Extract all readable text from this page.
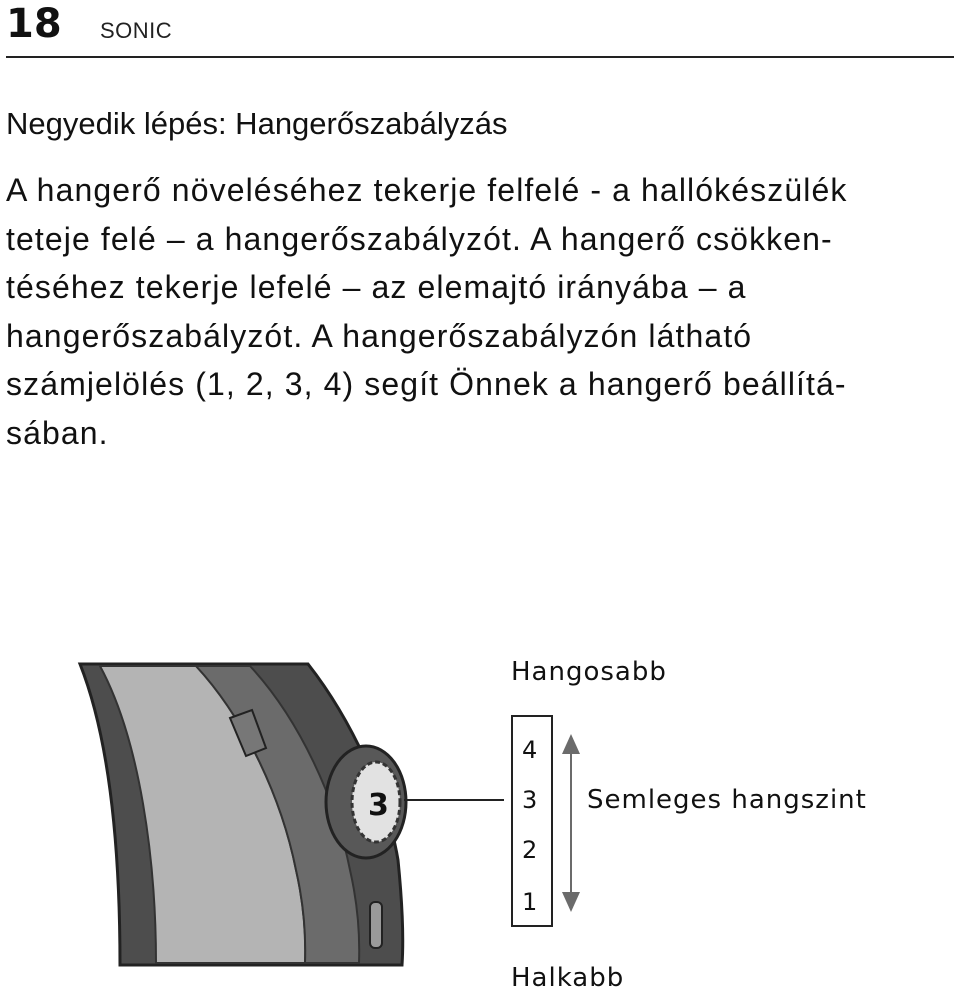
18 SONIC
Negyedik lépés: Hangerőszabályzás
A hangerő növeléséhez tekerje felfelé - a hallókészülék
teteje felé – a hangerőszabályzót. A hangerő csökken-
téséhez tekerje lefelé – az elemajtó irányába – a
hangerőszabályzót. A hangerőszabályzón látható
számjelölés (1, 2, 3, 4) segít Önnek a hangerő beállítá-
sában.
3
Hangosabb
4
3
2
1
Semleges hangszint
Halkabb
